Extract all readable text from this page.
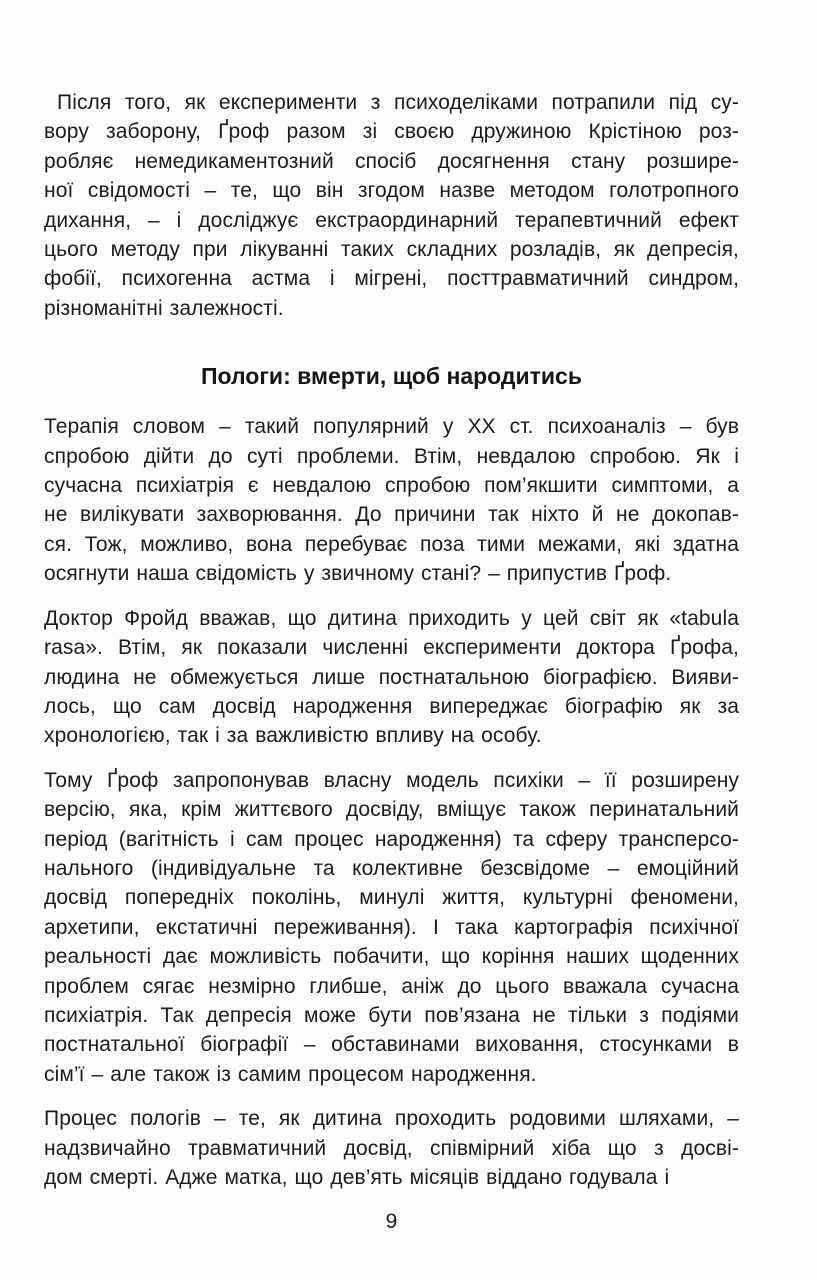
Після того, як експерименти з психоделіками потрапили під су-
вору заборону, Ґроф разом зі своєю дружиною Крістіною роз-
робляє немедикаментозний спосіб досягнення стану розшире-
ної свідомості – те, що він згодом назве методом голотропного
дихання, – і досліджує екстраординарний терапевтичний ефект
цього методу при лікуванні таких складних розладів, як депресія,
фобії, психогенна астма і мігрені, посттравматичний синдром,
різноманітні залежності.
Пологи: вмерти, щоб народитись
Терапія словом – такий популярний у ХХ ст. психоаналіз – був
спробою дійти до суті проблеми. Втім, невдалою спробою. Як і
сучасна психіатрія є невдалою спробою пом’якшити симптоми, а
не вилікувати захворювання. До причини так ніхто й не докопав-
ся. Тож, можливо, вона перебуває поза тими межами, які здатна
осягнути наша свідомість у звичному стані? – припустив Ґроф.
Доктор Фройд вважав, що дитина приходить у цей світ як «tabula
rasa». Втім, як показали численні експерименти доктора Ґрофа,
людина не обмежується лише постнатальною біографією. Вияви-
лось, що сам досвід народження випереджає біографію як за
хронологією, так і за важливістю впливу на особу.
Тому Ґроф запропонував власну модель психіки – її розширену
версію, яка, крім життєвого досвіду, вміщує також перинатальний
період (вагітність і сам процес народження) та сферу трансперсо-
нального (індивідуальне та колективне безсвідоме – емоційний
досвід попередніх поколінь, минулі життя, культурні феномени,
архетипи, екстатичні переживання). І така картографія психічної
реальності дає можливість побачити, що коріння наших щоденних
проблем сягає незмірно глибше, аніж до цього вважала сучасна
психіатрія. Так депресія може бути пов’язана не тільки з подіями
постнатальної біографії – обставинами виховання, стосунками в
сім’ї – але також із самим процесом народження.
Процес пологів – те, як дитина проходить родовими шляхами, –
надзвичайно травматичний досвід, співмірний хіба що з досві-
дом смерті. Адже матка, що дев’ять місяців віддано годувала і
9
